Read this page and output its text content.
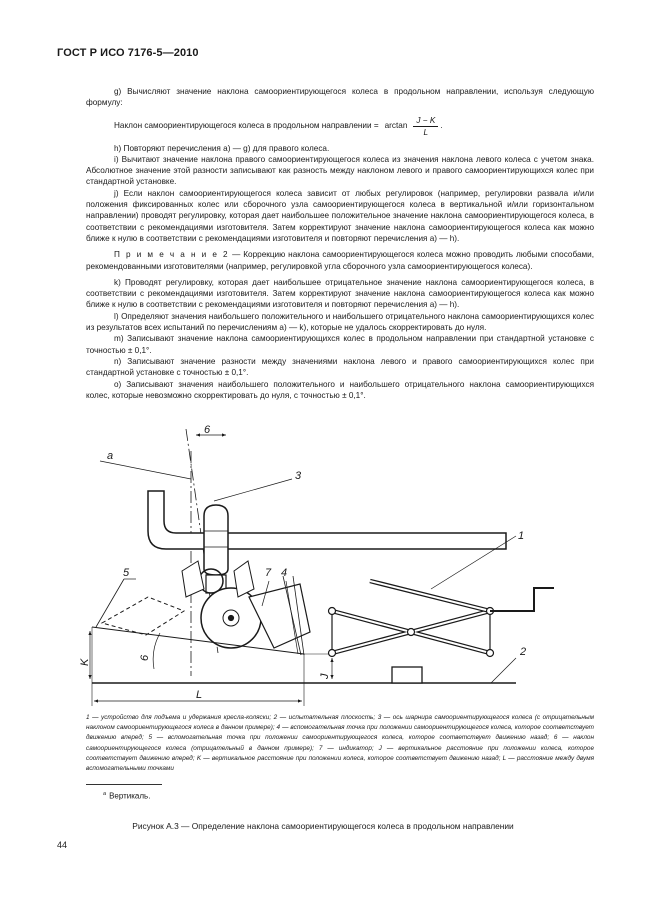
ГОСТ Р ИСО 7176-5—2010

g) Вычисляют значение наклона самоориентирующегося колеса в продольном направлении, используя следующую формулу:

Наклон самоориентирующегося колеса в продольном направлении = $\arctan \frac{J - K}{L}$ .

h) Повторяют перечисления а) — g) для правого колеса.

i) Вычитают значение наклона правого самоориентирующегося колеса из значения наклона левого колеса с учетом знака. Абсолютное значение этой разности записывают как разность между наклоном левого и правого самоориентирующихся колес при стандартной установке.

j) Если наклон самоориентирующегося колеса зависит от любых регулировок (например, регулировки развала и/или положения фиксированных колес или сборочного узла самоориентирующегося колеса в вертикальной и/или горизонтальном направлении) проводят регулировку, которая дает наибольшее положительное значение наклона самоориентирующегося колеса, в соответствии с рекомендациями изготовителя. Затем корректируют значение наклона самоориентирующегося колеса как можно ближе к нулю в соответствии с рекомендациями изготовителя и повторяют перечисления а) — h).

П р и м е ч а н и е 2 — Коррекцию наклона самоориентирующегося колеса можно проводить любыми способами, рекомендованными изготовителями (например, регулировкой угла сборочного узла самоориентирующегося колеса).

k) Проводят регулировку, которая дает наибольшее отрицательное значение наклона самоориентирующегося колеса, в соответствии с рекомендациями изготовителя. Затем корректируют значение наклона самоориентирующегося колеса как можно ближе к нулю в соответствии с рекомендациями изготовителя и повторяют перечисления а) — h).

l) Определяют значения наибольшего положительного и наибольшего отрицательного наклона самоориентирующихся колес из результатов всех испытаний по перечислениям а) — k), которые не удалось скорректировать до нуля.

m) Записывают значение наклона самоориентирующихся колес в продольном направлении при стандартной установке с точностью ± 0,1°.

n) Записывают значение разности между значениями наклона левого и правого самоориентирующихся колес при стандартной установке с точностью ± 0,1°.

o) Записывают значения наибольшего положительного и наибольшего отрицательного наклона самоориентирующихся колес, которые невозможно скорректировать до нуля, с точностью ± 0,1°.

a
6
3
1
5	7 4
6	2
K
J
L
1 — устройство для подъема и удержания кресла-коляски; 2 — испытательная плоскость; 3 — ось шарнира самоориентирующегося колеса (с отрицательным наклоном самоориентирующегося колеса в данном примере); 4 — вспомогательная точка при положении самоориентирующегося колеса, которое соответствует движению вперед; 5 — вспомогательная точка при положении самоориентирующегося колеса, которое соответствует движению назад; 6 — наклон самоориентирующегося колеса (отрицательный в данном примере); 7 — индикатор; J — вертикальное расстояние при положении колеса, которое соответствует движению вперед; K — вертикальное расстояние при положении колеса, которое соответствует движению назад; L — расстояние между двумя вспомогательными точками
$^а$ Вертикаль.
Рисунок А.3 — Определение наклона самоориентирующегося колеса в продольном направлении
44
